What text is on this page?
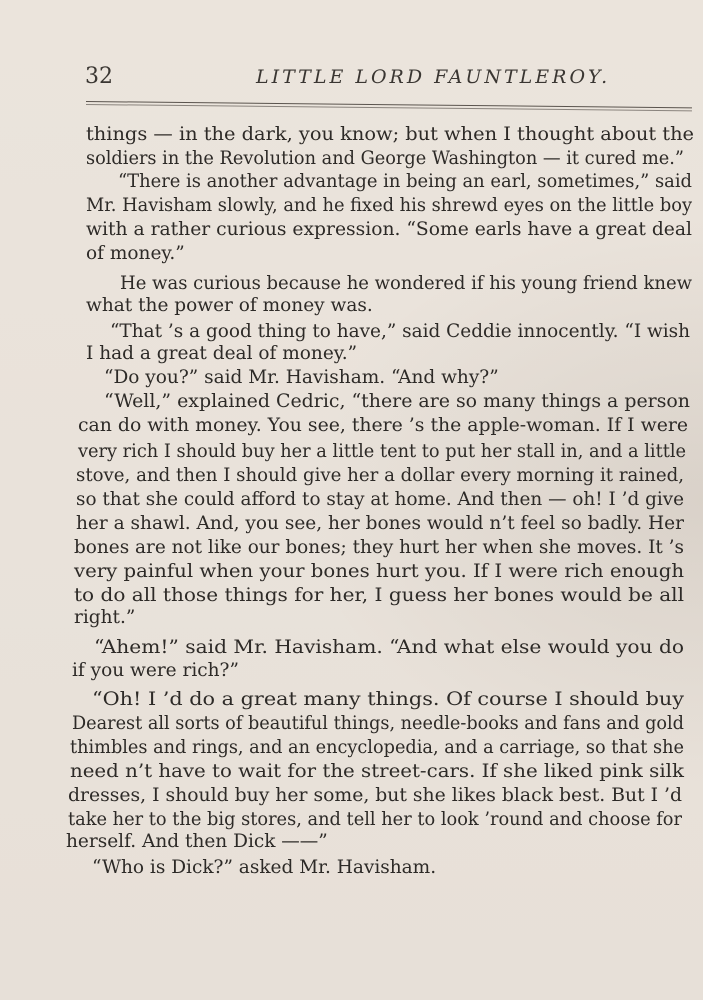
32	LITTLE LORD FAUNTLEROY.
things — in the dark, you know; but when I thought about the
soldiers in the Revolution and George Washington — it cured me.”
“There is another advantage in being an earl, sometimes,” said
Mr. Havisham slowly, and he fixed his shrewd eyes on the little boy
with a rather curious expression. “Some earls have a great deal
of money.”
He was curious because he wondered if his young friend knew
what the power of money was.
“That ’s a good thing to have,” said Ceddie innocently. “I wish
I had a great deal of money.”
“Do you?” said Mr. Havisham. “And why?”
“Well,” explained Cedric, “there are so many things a person
can do with money. You see, there ’s the apple-woman. If I were
very rich I should buy her a little tent to put her stall in, and a little
stove, and then I should give her a dollar every morning it rained,
so that she could afford to stay at home. And then — oh! I ’d give
her a shawl. And, you see, her bones would n’t feel so badly. Her
bones are not like our bones; they hurt her when she moves. It ’s
very painful when your bones hurt you. If I were rich enough
to do all those things for her, I guess her bones would be all
right.”
“Ahem!” said Mr. Havisham. “And what else would you do
if you were rich?”
“Oh! I ’d do a great many things. Of course I should buy
Dearest all sorts of beautiful things, needle-books and fans and gold
thimbles and rings, and an encyclopedia, and a carriage, so that she
need n’t have to wait for the street-cars. If she liked pink silk
dresses, I should buy her some, but she likes black best. But I ’d
take her to the big stores, and tell her to look ’round and choose for
herself. And then Dick ——”
“Who is Dick?” asked Mr. Havisham.
